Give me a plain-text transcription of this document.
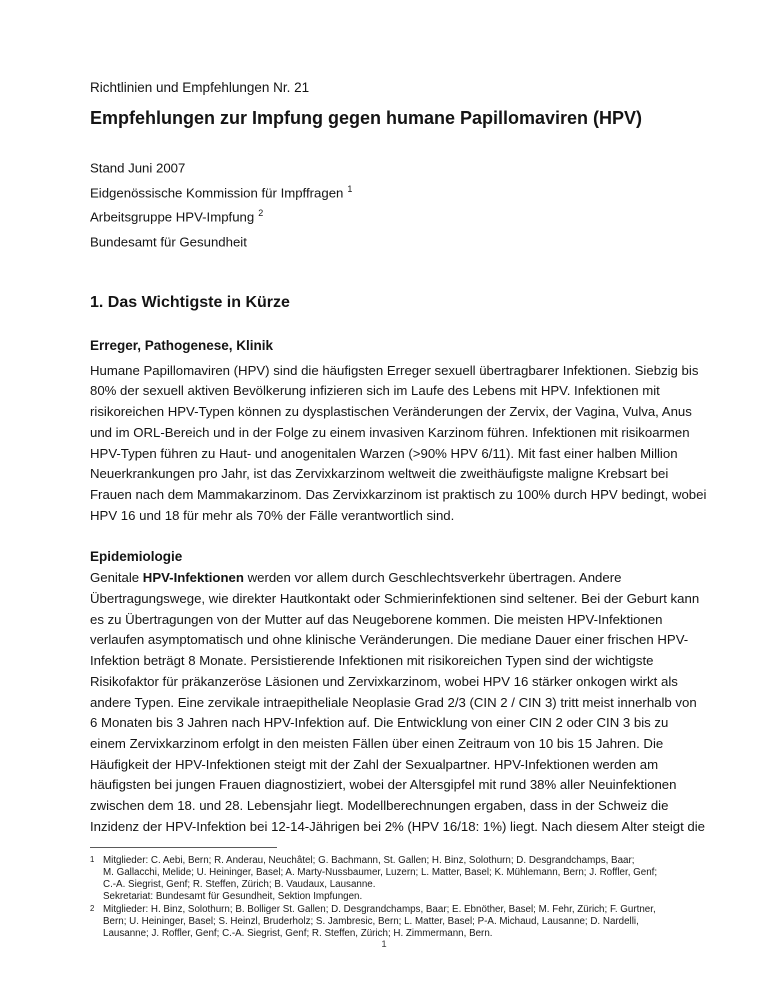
Richtlinien und Empfehlungen Nr. 21
Empfehlungen zur Impfung gegen humane Papillomaviren (HPV)
Stand Juni 2007
Eidgenössische Kommission für Impffragen $^1$
Arbeitsgruppe HPV-Impfung $^2$
Bundesamt für Gesundheit
1. Das Wichtigste in Kürze
Erreger, Pathogenese, Klinik
Humane Papillomaviren (HPV) sind die häufigsten Erreger sexuell übertragbarer Infektionen. Siebzig bis
80% der sexuell aktiven Bevölkerung infizieren sich im Laufe des Lebens mit HPV. Infektionen mit
risikoreichen HPV-Typen können zu dysplastischen Veränderungen der Zervix, der Vagina, Vulva, Anus
und im ORL-Bereich und in der Folge zu einem invasiven Karzinom führen. Infektionen mit risikoarmen
HPV-Typen führen zu Haut- und anogenitalen Warzen (>90% HPV 6/11). Mit fast einer halben Million
Neuerkrankungen pro Jahr, ist das Zervixkarzinom weltweit die zweithäufigste maligne Krebsart bei
Frauen nach dem Mammakarzinom. Das Zervixkarzinom ist praktisch zu 100% durch HPV bedingt, wobei
HPV 16 und 18 für mehr als 70% der Fälle verantwortlich sind.
Epidemiologie
Genitale HPV-Infektionen werden vor allem durch Geschlechtsverkehr übertragen. Andere
Übertragungswege, wie direkter Hautkontakt oder Schmierinfektionen sind seltener. Bei der Geburt kann
es zu Übertragungen von der Mutter auf das Neugeborene kommen. Die meisten HPV-Infektionen
verlaufen asymptomatisch und ohne klinische Veränderungen. Die mediane Dauer einer frischen HPV-
Infektion beträgt 8 Monate. Persistierende Infektionen mit risikoreichen Typen sind der wichtigste
Risikofaktor für präkanzeröse Läsionen und Zervixkarzinom, wobei HPV 16 stärker onkogen wirkt als
andere Typen. Eine zervikale intraepitheliale Neoplasie Grad 2/3 (CIN 2 / CIN 3) tritt meist innerhalb von
6 Monaten bis 3 Jahren nach HPV-Infektion auf. Die Entwicklung von einer CIN 2 oder CIN 3 bis zu
einem Zervixkarzinom erfolgt in den meisten Fällen über einen Zeitraum von 10 bis 15 Jahren. Die
Häufigkeit der HPV-Infektionen steigt mit der Zahl der Sexualpartner. HPV-Infektionen werden am
häufigsten bei jungen Frauen diagnostiziert, wobei der Altersgipfel mit rund 38% aller Neuinfektionen
zwischen dem 18. und 28. Lebensjahr liegt. Modellberechnungen ergaben, dass in der Schweiz die
Inzidenz der HPV-Infektion bei 12-14-Jährigen bei 2% (HPV 16/18: 1%) liegt. Nach diesem Alter steigt die
1 Mitglieder: C. Aebi, Bern; R. Anderau, Neuchâtel; G. Bachmann, St. Gallen; H. Binz, Solothurn; D. Desgrandchamps, Baar;
M. Gallacchi, Melide; U. Heininger, Basel; A. Marty-Nussbaumer, Luzern; L. Matter, Basel; K. Mühlemann, Bern; J. Roffler, Genf;
C.-A. Siegrist, Genf; R. Steffen, Zürich; B. Vaudaux, Lausanne.
Sekretariat: Bundesamt für Gesundheit, Sektion Impfungen.
2 Mitglieder: H. Binz, Solothurn; B. Bolliger St. Gallen; D. Desgrandchamps, Baar; E. Ebnöther, Basel; M. Fehr, Zürich; F. Gurtner,
Bern; U. Heininger, Basel; S. Heinzl, Bruderholz; S. Jambresic, Bern; L. Matter, Basel; P-A. Michaud, Lausanne; D. Nardelli,
Lausanne; J. Roffler, Genf; C.-A. Siegrist, Genf; R. Steffen, Zürich; H. Zimmermann, Bern.
1
